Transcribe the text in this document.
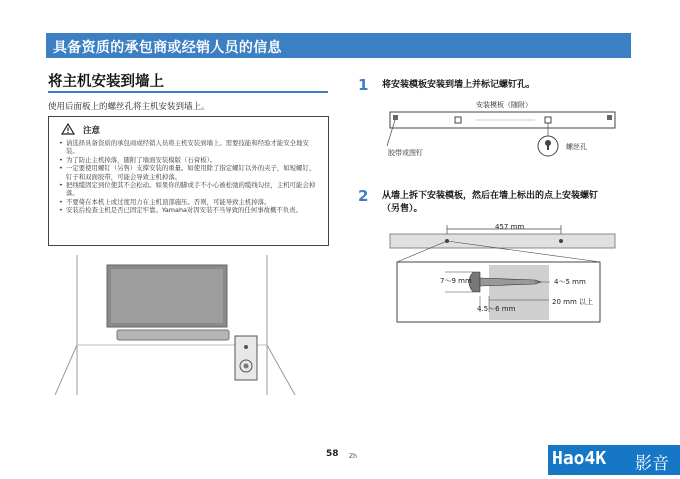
具备资质的承包商或经销人员的信息
将主机安装到墙上
使用后面板上的螺丝孔将主机安装到墙上。
注意
• 请选择具备资质的承包商或经销人员将主机安装到墙上。需要技能和经验才能安全地安装。
• 为了防止主机掉落，随附了墙面安装模版（石膏板）。
• 一定要使用螺钉（另售）支撑安装的重量。如使用除了指定螺钉以外的夹子，如短螺钉、钉子和双面胶带，可能会导致主机掉落。
• 把线缆固定到位使其不会松动。如果你的脚或手不小心被松弛的缆线勾住，主机可能会掉落。
• 不要倚在本机上或过度用力在主机顶部施压。否则，可能导致主机掉落。
• 安装后检查主机是否已固定牢靠。Yamaha对因安装不当导致的任何事故概不负责。
1 将安装模板安装到墙上并标记螺钉孔。
安装模板（随附）
胶带或图钉
螺丝孔
2 从墙上拆下安装模板，然后在墙上标出的点上安装螺钉
（另售）。
457 mm
7～9 mm	4～5 mm
20 mm 以上
4.5～6 mm
58 Zh	Hao4K 影音
